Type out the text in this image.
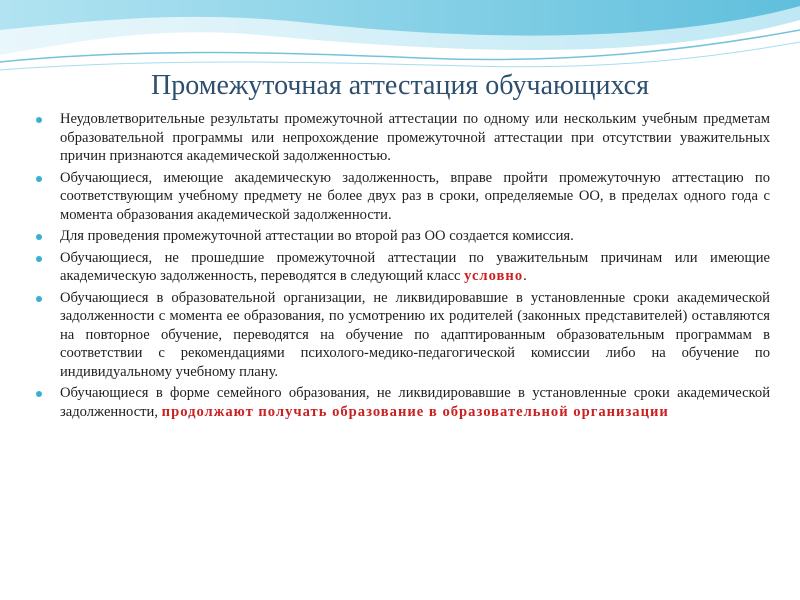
Промежуточная аттестация обучающихся
Неудовлетворительные результаты промежуточной аттестации по одному или нескольким учебным предметам образовательной программы или непрохождение промежуточной аттестации при отсутствии уважительных причин признаются академической задолженностью.
Обучающиеся, имеющие академическую задолженность, вправе пройти промежуточную аттестацию по соответствующим учебному предмету не более двух раз в сроки, определяемые ОО, в пределах одного года с момента образования академической задолженности.
Для проведения промежуточной аттестации во второй раз ОО создается комиссия.
Обучающиеся, не прошедшие промежуточной аттестации по уважительным причинам или имеющие академическую задолженность, переводятся в следующий класс условно.
Обучающиеся в образовательной организации, не ликвидировавшие в установленные сроки академической задолженности с момента ее образования, по усмотрению их родителей (законных представителей) оставляются на повторное обучение, переводятся на обучение по адаптированным образовательным программам в соответствии с рекомендациями психолого-медико-педагогической комиссии либо на обучение по индивидуальному учебному плану.
Обучающиеся в форме семейного образования, не ликвидировавшие в установленные сроки академической задолженности, продолжают получать образование в образовательной организации
